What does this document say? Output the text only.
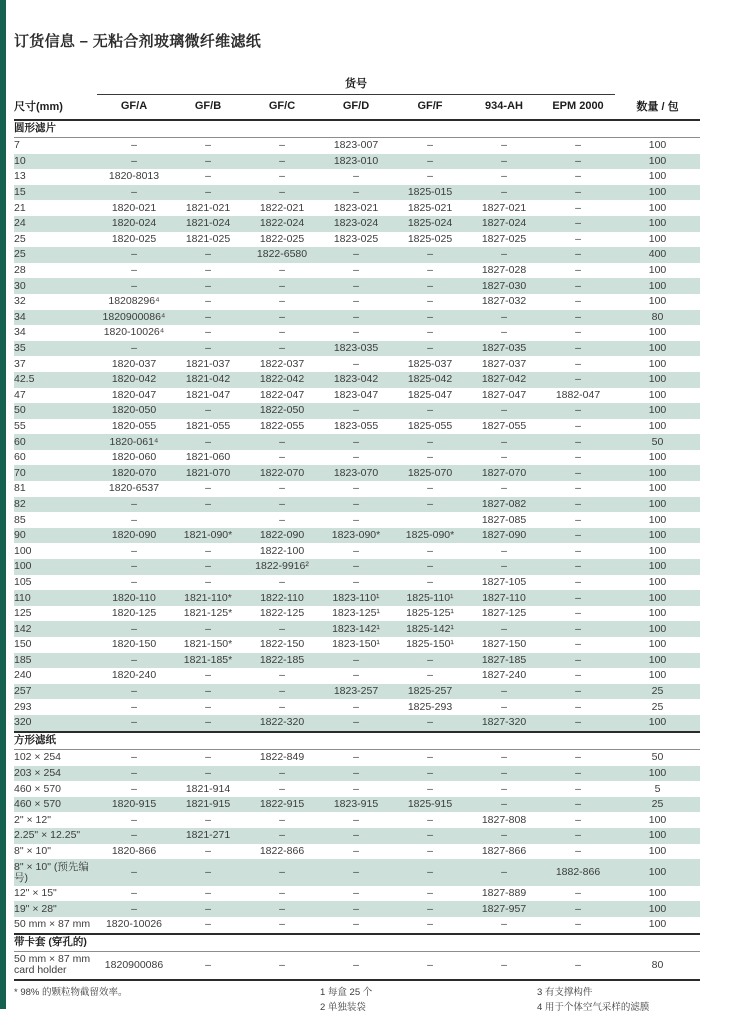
订货信息 – 无粘合剂玻璃微纤维滤纸
	货号							
尺寸(mm)	GF/A	GF/B	GF/C	GF/D	GF/F	934-AH	EPM 2000	数量 / 包
圆形滤片								
7	–	–	–	1823-007	–	–	–	100
10	–	–	–	1823-010	–	–	–	100
13	1820-8013	–	–	–	–	–	–	100
15	–	–	–	–	1825-015	–	–	100
21	1820-021	1821-021	1822-021	1823-021	1825-021	1827-021	–	100
24	1820-024	1821-024	1822-024	1823-024	1825-024	1827-024	–	100
25	1820-025	1821-025	1822-025	1823-025	1825-025	1827-025	–	100
25	–	–	1822-6580	–	–	–	–	400
28	–	–	–	–	–	1827-028	–	100
30	–	–	–	–	–	1827-030	–	100
32	18208296⁴	–	–	–	–	1827-032	–	100
34	1820900086⁴	–	–	–	–	–	–	80
34	1820-10026⁴	–	–	–	–	–	–	100
35	–	–	–	1823-035	–	1827-035	–	100
37	1820-037	1821-037	1822-037	–	1825-037	1827-037	–	100
42.5	1820-042	1821-042	1822-042	1823-042	1825-042	1827-042	–	100
47	1820-047	1821-047	1822-047	1823-047	1825-047	1827-047	1882-047	100
50	1820-050	–	1822-050	–	–	–	–	100
55	1820-055	1821-055	1822-055	1823-055	1825-055	1827-055	–	100
60	1820-061⁴	–	–	–	–	–	–	50
60	1820-060	1821-060	–	–	–	–	–	100
70	1820-070	1821-070	1822-070	1823-070	1825-070	1827-070	–	100
81	1820-6537	–	–	–	–	–	–	100
82	–	–	–	–	–	1827-082	–	100
85	–		–	–		1827-085	–	100
90	1820-090	1821-090*	1822-090	1823-090*	1825-090*	1827-090	–	100
100	–	–	1822-100	–	–	–	–	100
100	–	–	1822-9916²	–	–	–	–	100
105	–	–	–	–	–	1827-105	–	100
110	1820-110	1821-110*	1822-110	1823-110¹	1825-110¹	1827-110	–	100
125	1820-125	1821-125*	1822-125	1823-125¹	1825-125¹	1827-125	–	100
142	–	–	–	1823-142¹	1825-142¹	–	–	100
150	1820-150	1821-150*	1822-150	1823-150¹	1825-150¹	1827-150	–	100
185	–	1821-185*	1822-185	–	–	1827-185	–	100
240	1820-240	–	–	–	–	1827-240	–	100
257	–	–	–	1823-257	1825-257	–	–	25
293	–	–	–	–	1825-293	–	–	25
320	–	–	1822-320	–	–	1827-320	–	100
方形滤纸								
102 × 254	–	–	1822-849	–	–	–	–	50
203 × 254	–	–	–	–	–	–	–	100
460 × 570	–	1821-914	–	–	–	–	–	5
460 × 570	1820-915	1821-915	1822-915	1823-915	1825-915	–	–	25
2" × 12"	–	–	–	–	–	1827-808	–	100
2.25" × 12.25"	–	1821-271	–	–	–	–	–	100
8" × 10"	1820-866	–	1822-866	–	–	1827-866	–	100
8" × 10" (预先编号)	–	–	–	–	–	–	1882-866	100
12" × 15"	–	–	–	–	–	1827-889	–	100
19" × 28"	–	–	–	–	–	1827-957	–	100
50 mm × 87 mm	1820-10026	–	–	–	–	–	–	100
带卡套 (穿孔的)								
50 mm × 87 mm card holder	1820900086	–	–	–	–	–	–	80

* 98% 的颗粒物截留效率。	1 每盒 25 个

2 单独装袋

3 有支撑构件

4 用于个体空气采样的滤膜
